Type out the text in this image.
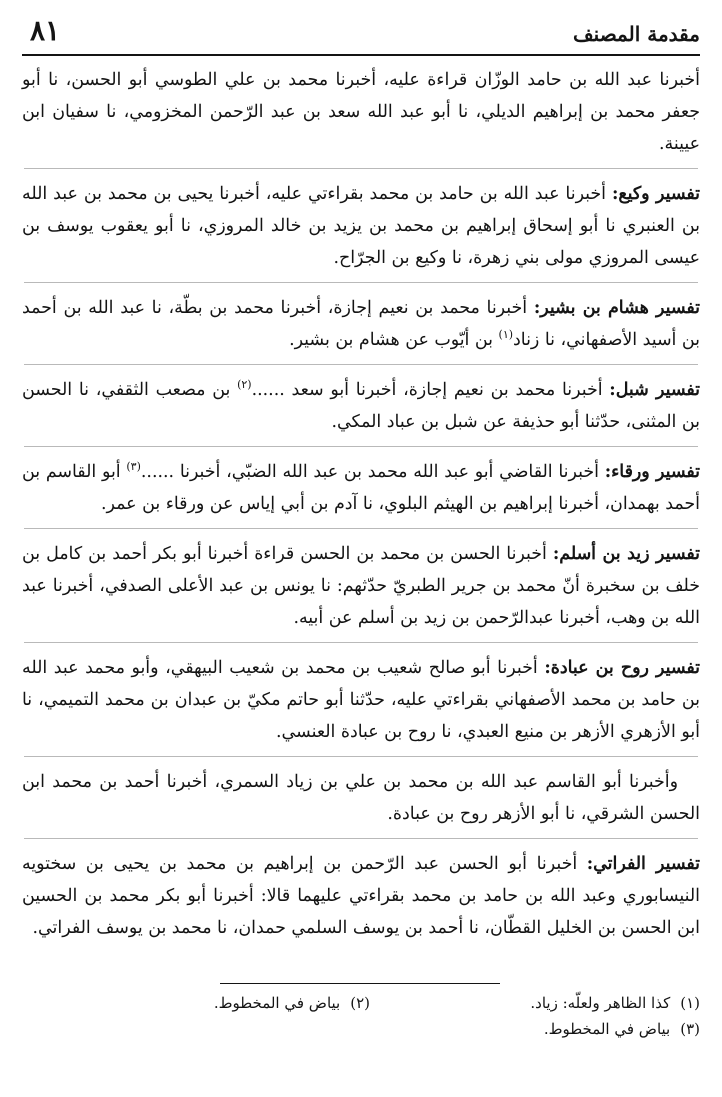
مقدمة المصنف
٨١

أخبرنا عبد الله بن حامد الوزّان قراءة عليه، أخبرنا محمد بن علي الطوسي أبو الحسن، نا أبو جعفر محمد بن إبراهيم الديلي، نا أبو عبد الله سعد بن عبد الرّحمن المخزومي، نا سفيان ابن عيينة.

تفسير وكيع: أخبرنا عبد الله بن حامد بن محمد بقراءتي عليه، أخبرنا يحيى بن محمد بن عبد الله بن العنبري نا أبو إسحاق إبراهيم بن محمد بن يزيد بن خالد المروزي، نا أبو يعقوب يوسف بن عيسى المروزي مولى بني زهرة، نا وكيع بن الجرّاح.

تفسير هشام بن بشير: أخبرنا محمد بن نعيم إجازة، أخبرنا محمد بن بطّة، نا عبد الله بن أحمد بن أسيد الأصفهاني، نا زناد$^{(١)}$ بن أيّوب عن هشام بن بشير.

تفسير شبل: أخبرنا محمد بن نعيم إجازة، أخبرنا أبو سعد ......$^{(٢)}$ بن مصعب الثقفي، نا الحسن بن المثنى، حدّثنا أبو حذيفة عن شبل بن عباد المكي.

تفسير ورقاء: أخبرنا القاضي أبو عبد الله محمد بن عبد الله الضبّي، أخبرنا ......$^{(٣)}$ أبو القاسم بن أحمد بهمدان، أخبرنا إبراهيم بن الهيثم البلوي، نا آدم بن أبي إياس عن ورقاء بن عمر.

تفسير زيد بن أسلم: أخبرنا الحسن بن محمد بن الحسن قراءة أخبرنا أبو بكر أحمد بن كامل بن خلف بن سخبرة أنّ محمد بن جرير الطبريّ حدّثهم: نا يونس بن عبد الأعلى الصدفي، أخبرنا عبد الله بن وهب، أخبرنا عبدالرّحمن بن زيد بن أسلم عن أبيه.

تفسير روح بن عبادة: أخبرنا أبو صالح شعيب بن محمد بن شعيب البيهقي، وأبو محمد عبد الله بن حامد بن محمد الأصفهاني بقراءتي عليه، حدّثنا أبو حاتم مكيّ بن عبدان بن محمد التميمي، نا أبو الأزهري الأزهر بن منيع العبدي، نا روح بن عبادة العنسي.

وأخبرنا أبو القاسم عبد الله بن محمد بن علي بن زياد السمري، أخبرنا أحمد بن محمد ابن الحسن الشرقي، نا أبو الأزهر روح بن عبادة.

تفسير الفراتي: أخبرنا أبو الحسن عبد الرّحمن بن إبراهيم بن محمد بن يحيى بن سختويه النيسابوري وعبد الله بن حامد بن محمد بقراءتي عليهما قالا: أخبرنا أبو بكر محمد بن الحسين ابن الحسن بن الخليل القطّان، نا أحمد بن يوسف السلمي حمدان، نا محمد بن يوسف الفراتي.

(١)كذا الظاهر ولعلّه: زياد.
(٢)بياض في المخطوط.
(٣)بياض في المخطوط.
